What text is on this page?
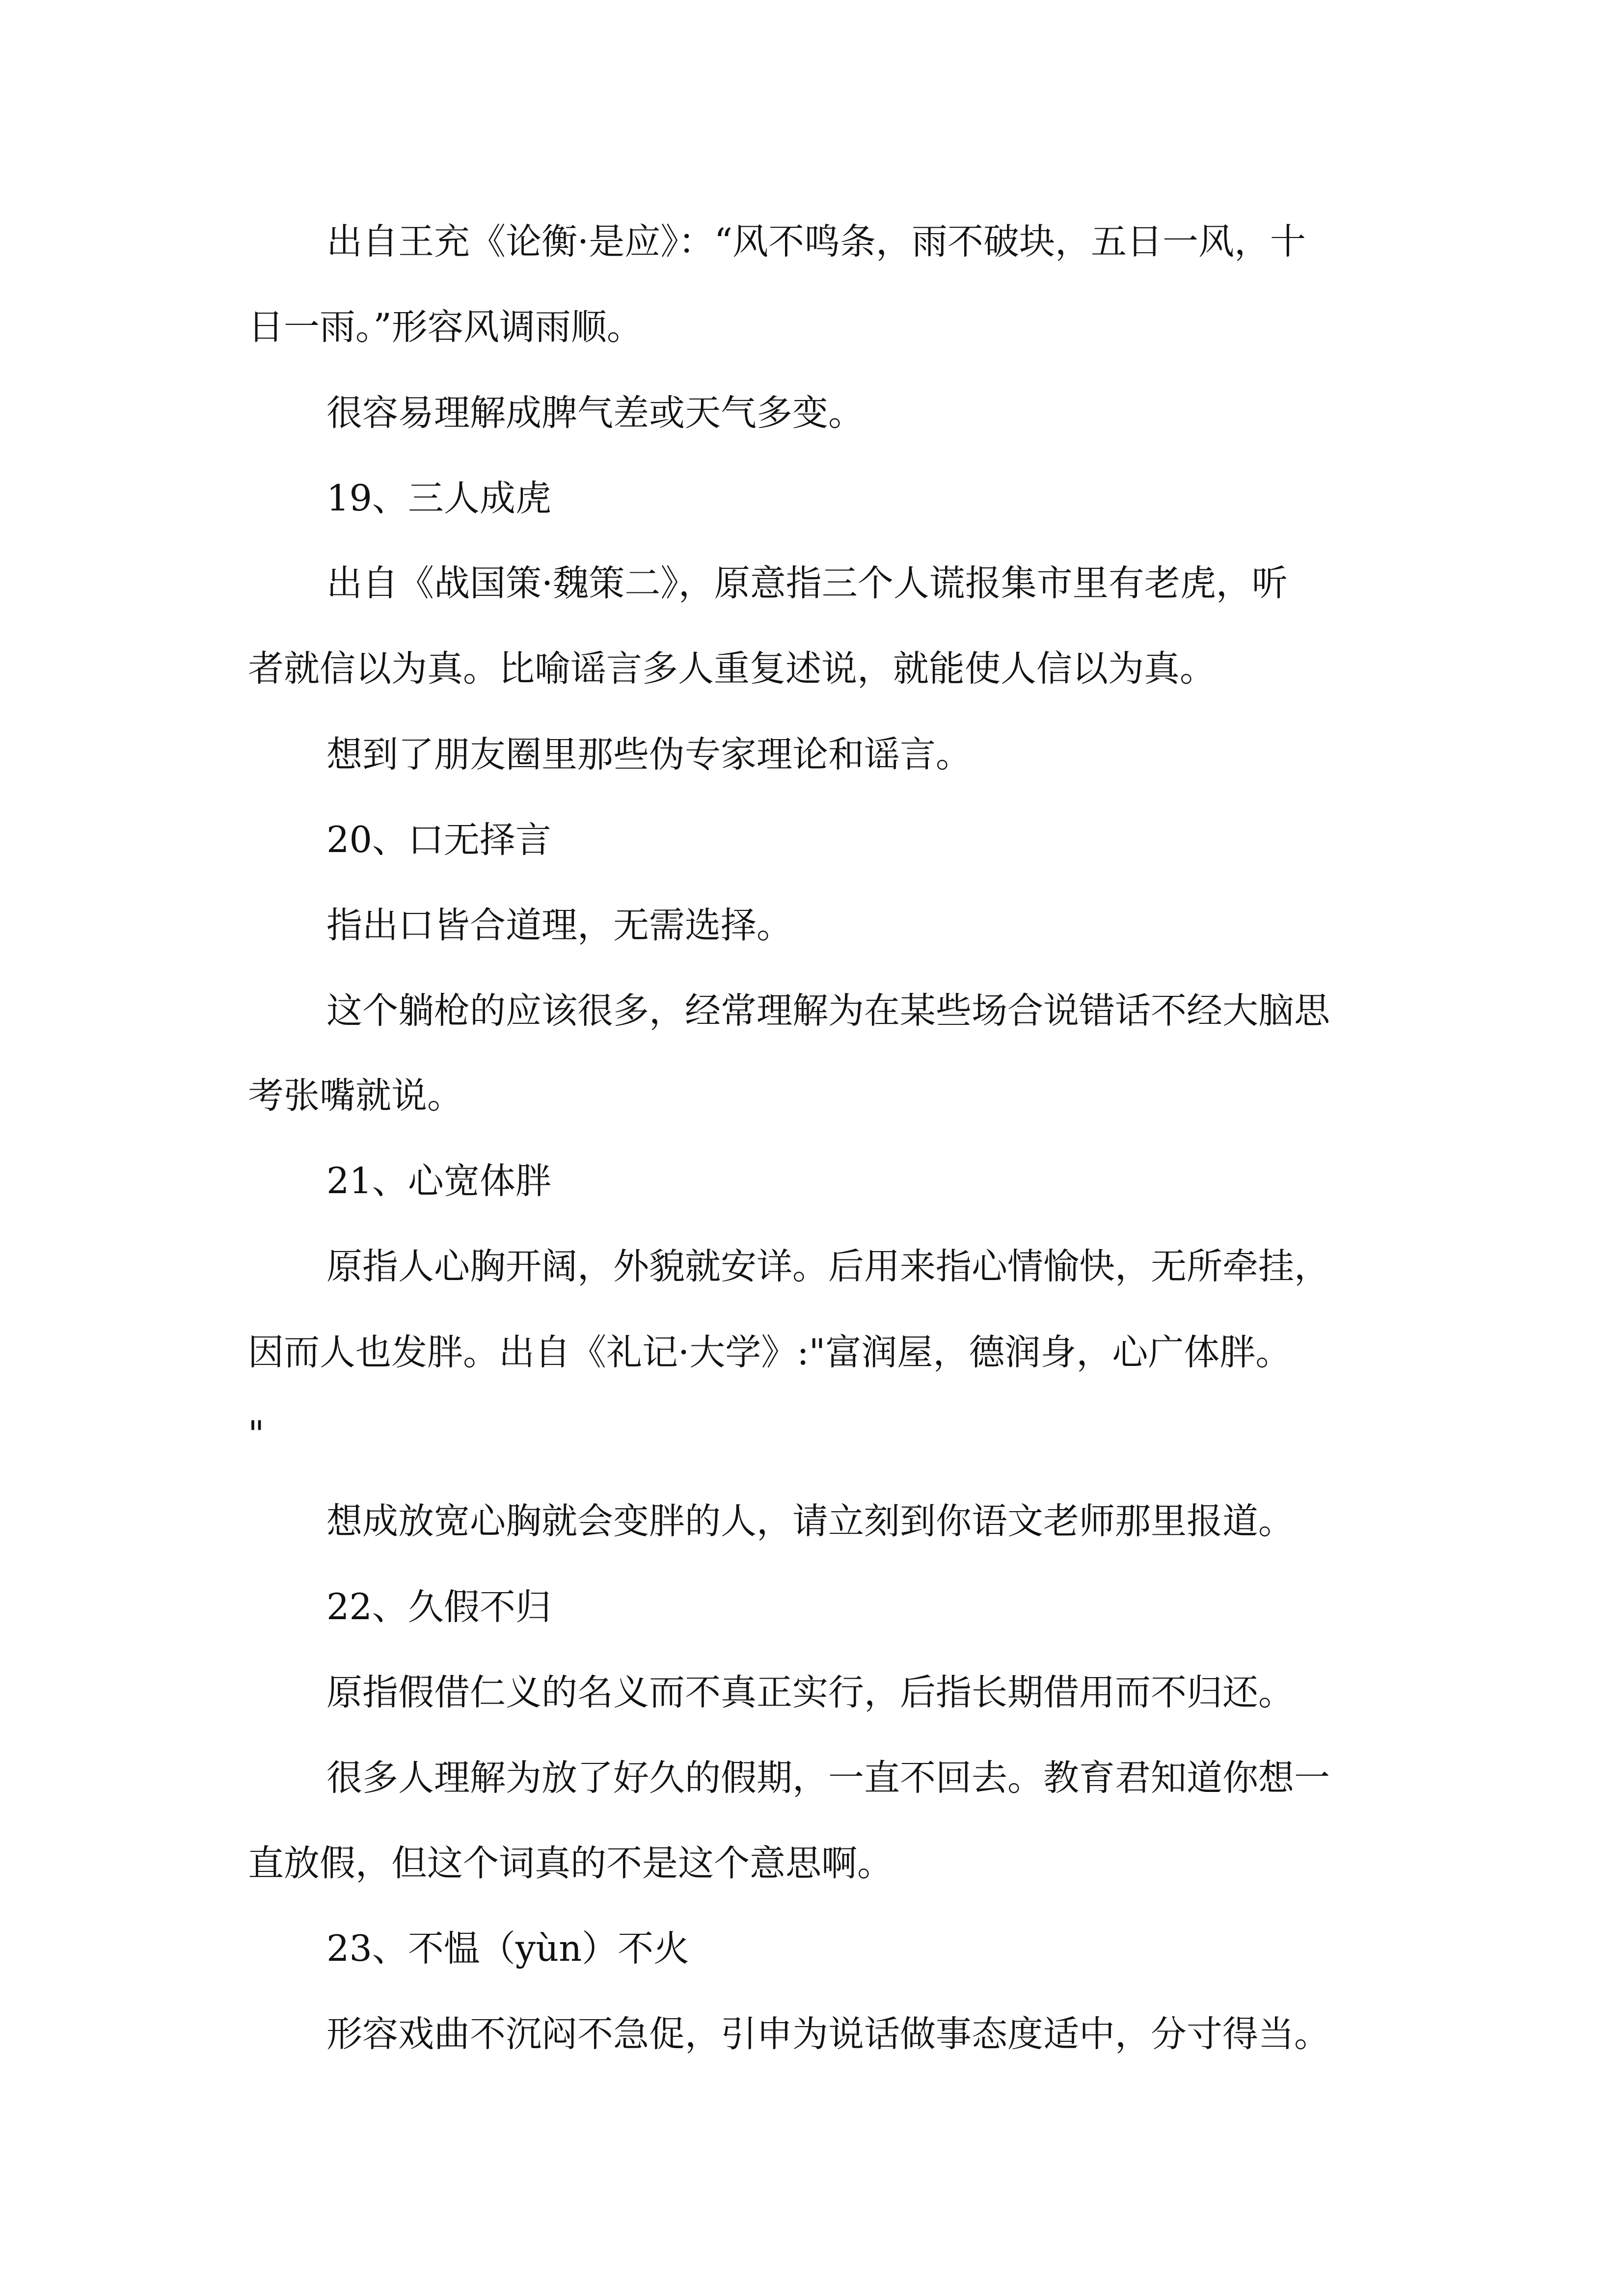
出自王充《论衡·是应》：“风不鸣条，雨不破块，五日一风，十

日一雨。”形容风调雨顺。

很容易理解成脾气差或天气多变。

19、三人成虎

出自《战国策·魏策二》，原意指三个人谎报集市里有老虎，听

者就信以为真。比喻谣言多人重复述说，就能使人信以为真。

想到了朋友圈里那些伪专家理论和谣言。

20、口无择言

指出口皆合道理，无需选择。

这个躺枪的应该很多，经常理解为在某些场合说错话不经大脑思

考张嘴就说。

21、心宽体胖

原指人心胸开阔，外貌就安详。后用来指心情愉快，无所牵挂，

因而人也发胖。出自《礼记·大学》:"富润屋，德润身，心广体胖。

"

想成放宽心胸就会变胖的人，请立刻到你语文老师那里报道。

22、久假不归

原指假借仁义的名义而不真正实行，后指长期借用而不归还。

很多人理解为放了好久的假期，一直不回去。教育君知道你想一

直放假，但这个词真的不是这个意思啊。

23、不愠（yùn）不火

形容戏曲不沉闷不急促，引申为说话做事态度适中，分寸得当。
